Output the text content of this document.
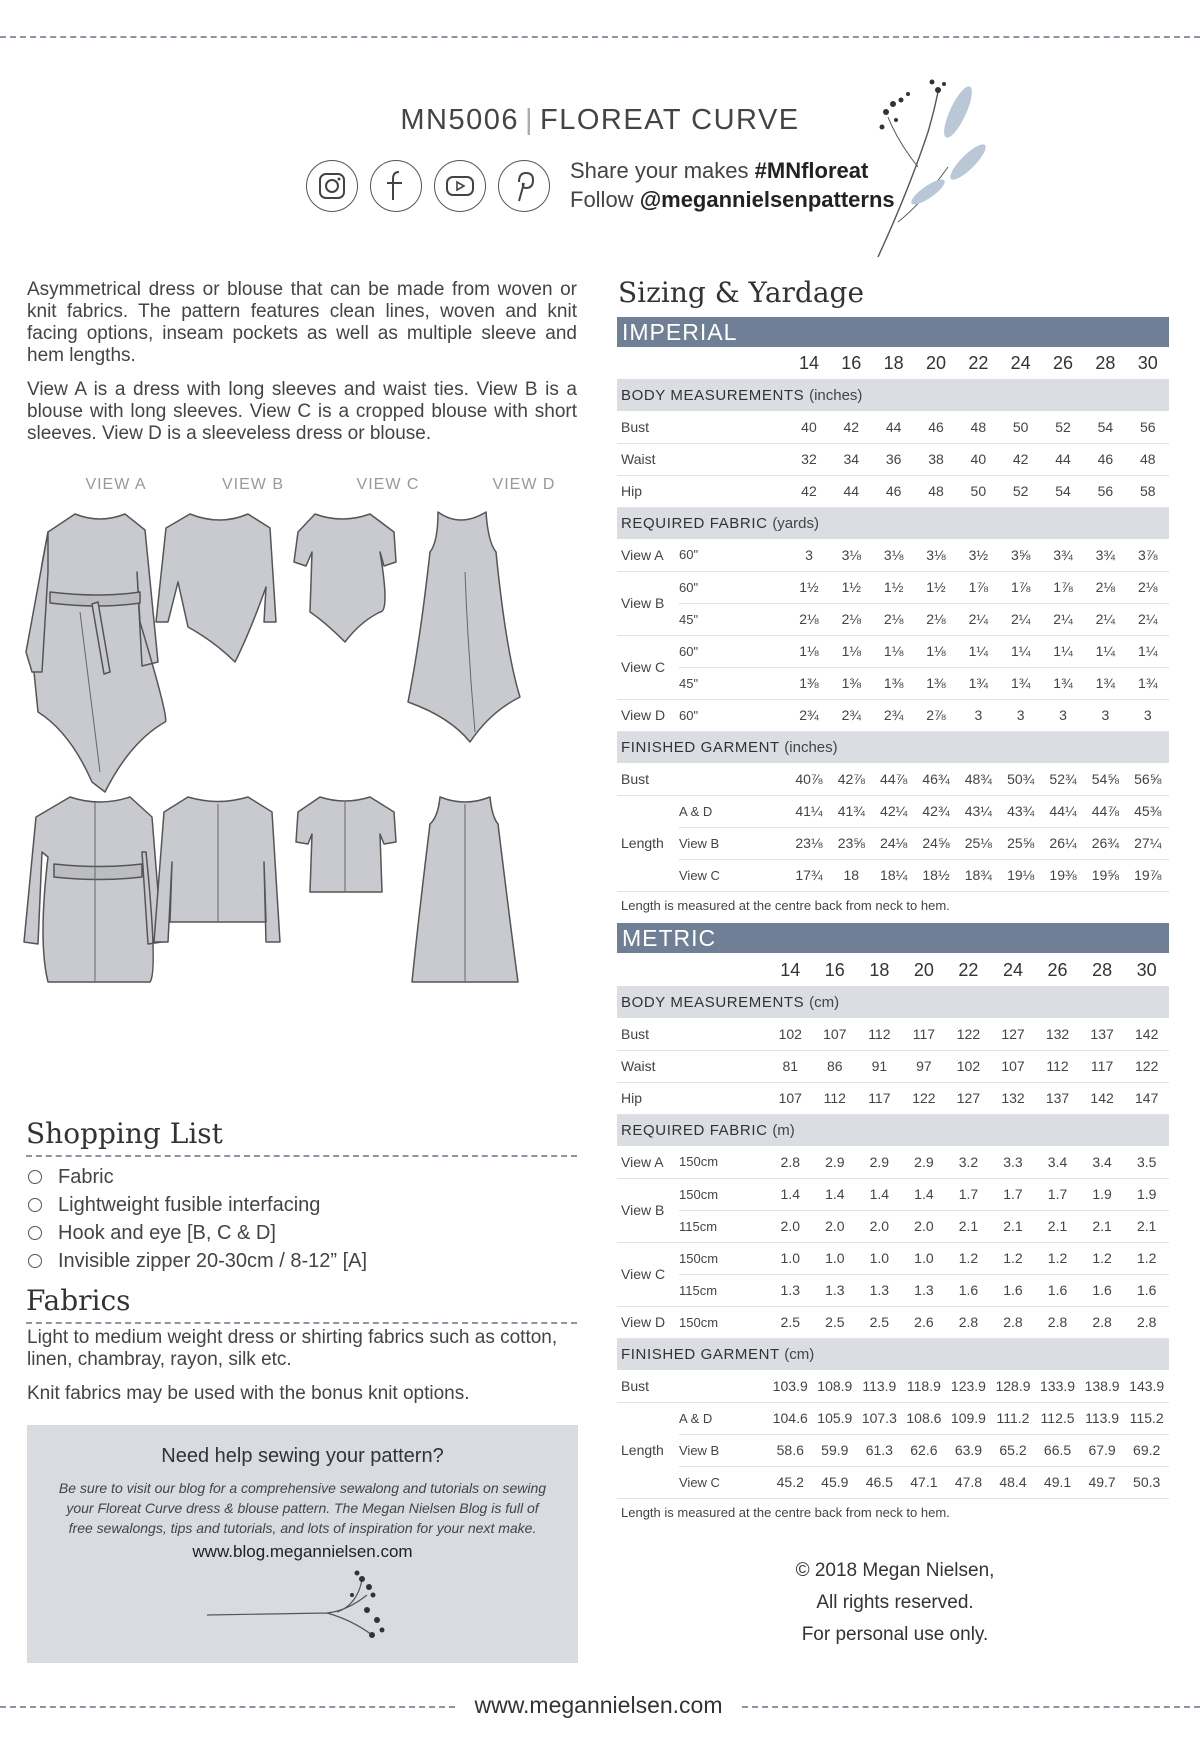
MN5006 | FLOREAT CURVE
Share your makes #MNfloreat
Follow @megannielsenpatterns

Asymmetrical dress or blouse that can be made from woven or knit fabrics. The pattern features clean lines, woven and knit facing options, inseam pockets as well as multiple sleeve and hem lengths.

View A is a dress with long sleeves and waist ties. View B is a blouse with long sleeves. View C is a cropped blouse with short sleeves. View D is a sleeveless dress or blouse.

VIEW A	VIEW B	VIEW C	VIEW D
Shopping List
Fabric
Lightweight fusible interfacing
Hook and eye [B, C & D]
Invisible zipper 20-30cm / 8-12” [A]
Fabrics

Light to medium weight dress or shirting fabrics such as cotton, linen, chambray, rayon, silk etc.

Knit fabrics may be used with the bonus knit options.

Need help sewing your pattern?
Be sure to visit our blog for a comprehensive sewalong and tutorials on sewing your Floreat Curve dress & blouse pattern. The Megan Nielsen Blog is full of free sewalongs, tips and tutorials, and lots of inspiration for your next make.
www.blog.megannielsen.com
Sizing & Yardage
IMPERIAL
		14	16	18	20	22	24	26	28	30
BODY MEASUREMENTS (inches)										
Bust		40	42	44	46	48	50	52	54	56
Waist		32	34	36	38	40	42	44	46	48
Hip		42	44	46	48	50	52	54	56	58
REQUIRED FABRIC (yards)										
View A	60"	3	3⅛	3⅛	3⅛	3½	3⅝	3¾	3¾	3⅞
View B	60"	1½	1½	1½	1½	1⅞	1⅞	1⅞	2⅛	2⅛
	45"	2⅛	2⅛	2⅛	2⅛	2¼	2¼	2¼	2¼	2¼
View C	60"	1⅛	1⅛	1⅛	1⅛	1¼	1¼	1¼	1¼	1¼
	45"	1⅜	1⅜	1⅜	1⅜	1¾	1¾	1¾	1¾	1¾
View D	60"	2¾	2¾	2¾	2⅞	3	3	3	3	3
FINISHED GARMENT (inches)										
Bust		40⅞	42⅞	44⅞	46¾	48¾	50¾	52¾	54⅝	56⅝
Length	A & D	41¼	41¾	42¼	42¾	43¼	43¾	44¼	44⅞	45⅜
	View B	23⅛	23⅝	24⅛	24⅝	25⅛	25⅝	26¼	26¾	27¼
	View C	17¾	18	18¼	18½	18¾	19⅛	19⅜	19⅝	19⅞
Length is measured at the centre back from neck to hem.										
METRIC
		14	16	18	20	22	24	26	28	30
BODY MEASUREMENTS (cm)										
Bust		102	107	112	117	122	127	132	137	142
Waist		81	86	91	97	102	107	112	117	122
Hip		107	112	117	122	127	132	137	142	147
REQUIRED FABRIC (m)										
View A	150cm	2.8	2.9	2.9	2.9	3.2	3.3	3.4	3.4	3.5
View B	150cm	1.4	1.4	1.4	1.4	1.7	1.7	1.7	1.9	1.9
	115cm	2.0	2.0	2.0	2.0	2.1	2.1	2.1	2.1	2.1
View C	150cm	1.0	1.0	1.0	1.0	1.2	1.2	1.2	1.2	1.2
	115cm	1.3	1.3	1.3	1.3	1.6	1.6	1.6	1.6	1.6
View D	150cm	2.5	2.5	2.5	2.6	2.8	2.8	2.8	2.8	2.8
FINISHED GARMENT (cm)										
Bust		103.9	108.9	113.9	118.9	123.9	128.9	133.9	138.9	143.9
Length	A & D	104.6	105.9	107.3	108.6	109.9	111.2	112.5	113.9	115.2
	View B	58.6	59.9	61.3	62.6	63.9	65.2	66.5	67.9	69.2
	View C	45.2	45.9	46.5	47.1	47.8	48.4	49.1	49.7	50.3
Length is measured at the centre back from neck to hem.										
© 2018 Megan Nielsen,
All rights reserved.
For personal use only.
www.megannielsen.com
